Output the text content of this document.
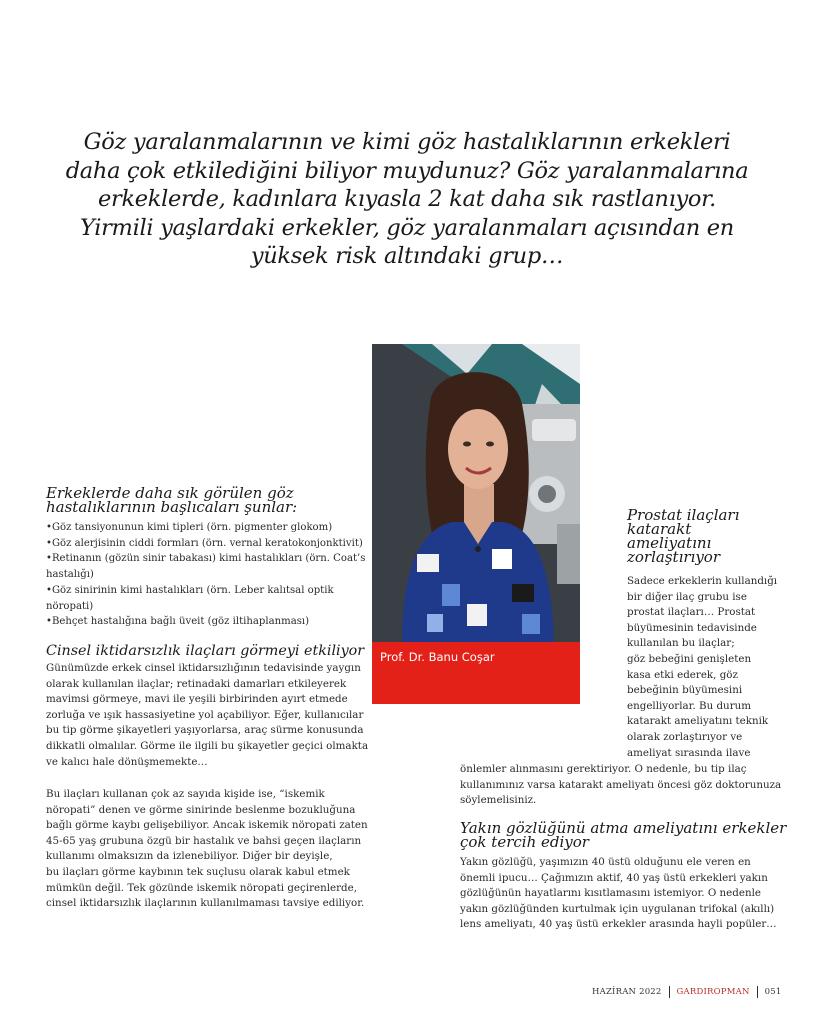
Göz yaralanmalarının ve kimi göz hastalıklarının erkekleri
daha çok etkilediğini biliyor muydunuz? Göz yaralanmalarına
erkeklerde, kadınlara kıyasla 2 kat daha sık rastlanıyor.
Yirmili yaşlardaki erkekler, göz yaralanmaları açısından en
yüksek risk altındaki grup…
Prof. Dr. Banu Coşar
Erkeklerde daha sık görülen göz
hastalıklarının başlıcaları şunlar:
•Göz tansiyonunun kimi tipleri (örn. pigmenter glokom)
•Göz alerjisinin ciddi formları (örn. vernal keratokonjonktivit)
•Retinanın (gözün sinir tabakası) kimi hastalıkları (örn. Coat’s
hastalığı)
•Göz sinirinin kimi hastalıkları (örn. Leber kalıtsal optik
nöropati)
•Behçet hastalığına bağlı üveit (göz iltihaplanması)
Cinsel iktidarsızlık ilaçları görmeyi etkiliyor
Günümüzde erkek cinsel iktidarsızlığının tedavisinde yaygın
olarak kullanılan ilaçlar; retinadaki damarları etkileyerek
mavimsi görmeye, mavi ile yeşili birbirinden ayırt etmede
zorluğa ve ışık hassasiyetine yol açabiliyor. Eğer, kullanıcılar
bu tip görme şikayetleri yaşıyorlarsa, araç sürme konusunda
dikkatli olmalılar. Görme ile ilgili bu şikayetler geçici olmakta
ve kalıcı hale dönüşmemekte…
Bu ilaçları kullanan çok az sayıda kişide ise, “iskemik
nöropati” denen ve görme sinirinde beslenme bozukluğuna
bağlı görme kaybı gelişebiliyor. Ancak iskemik nöropati zaten
45-65 yaş grubuna özgü bir hastalık ve bahsi geçen ilaçların
kullanımı olmaksızın da izlenebiliyor. Diğer bir deyişle,
bu ilaçları görme kaybının tek suçlusu olarak kabul etmek
mümkün değil. Tek gözünde iskemik nöropati geçirenlerde,
cinsel iktidarsızlık ilaçlarının kullanılmaması tavsiye ediliyor.
Prostat ilaçları
katarakt
ameliyatını
zorlaştırıyor
Sadece erkeklerin kullandığı
bir diğer ilaç grubu ise
prostat ilaçları… Prostat
büyümesinin tedavisinde
kullanılan bu ilaçlar;
göz bebeğini genişleten
kasa etki ederek, göz
bebeğinin büyümesini
engelliyorlar. Bu durum
katarakt ameliyatını teknik
olarak zorlaştırıyor ve
ameliyat sırasında ilave
önlemler alınmasını gerektiriyor. O nedenle, bu tip ilaç
kullanımınız varsa katarakt ameliyatı öncesi göz doktorunuza
söylemelisiniz.
Yakın gözlüğünü atma ameliyatını erkekler
çok tercih ediyor
Yakın gözlüğü, yaşımızın 40 üstü olduğunu ele veren en
önemli ipucu… Çağımızın aktif, 40 yaş üstü erkekleri yakın
gözlüğünün hayatlarını kısıtlamasını istemiyor. O nedenle
yakın gözlüğünden kurtulmak için uygulanan trifokal (akıllı)
lens ameliyatı, 40 yaş üstü erkekler arasında hayli popüler…
HAZİRAN 2022 GARDIROPMAN 051
